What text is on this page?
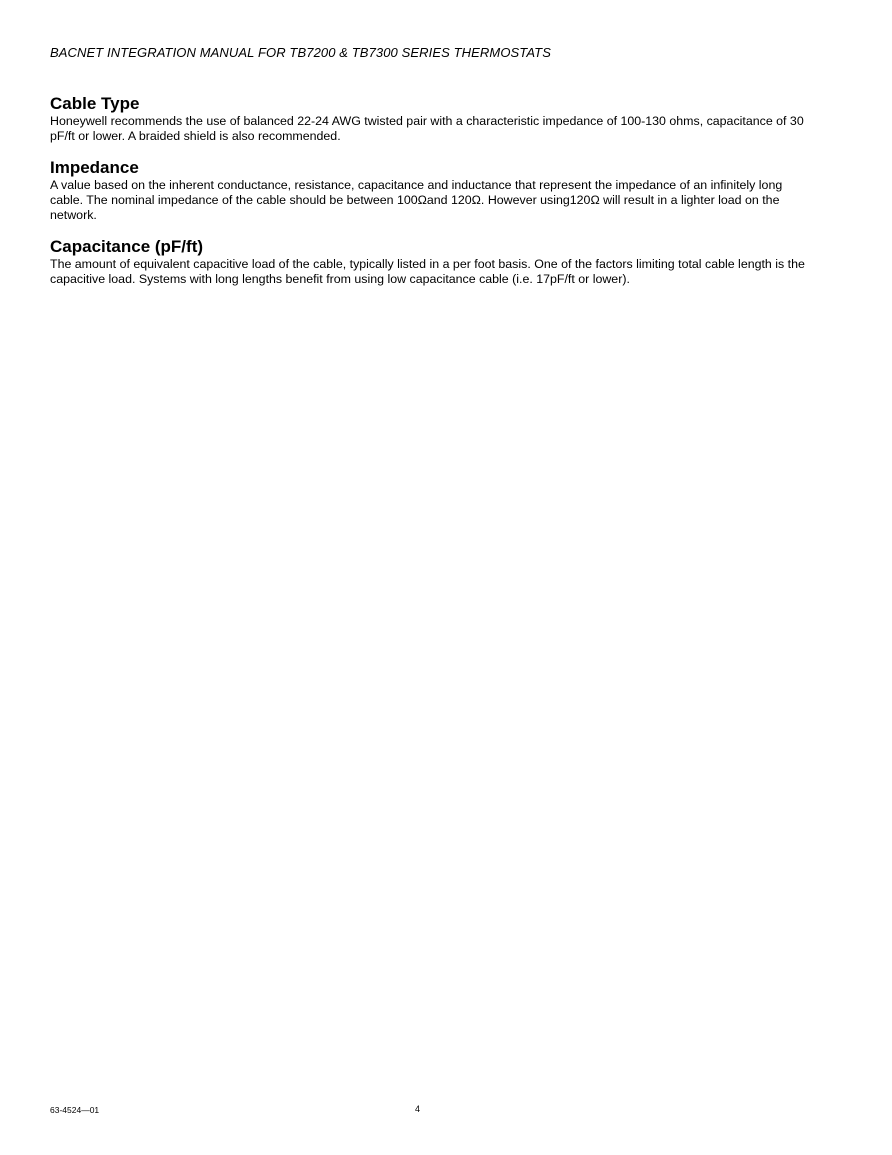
BACNET INTEGRATION MANUAL FOR TB7200 & TB7300 SERIES THERMOSTATS
Cable Type

Honeywell recommends the use of balanced 22-24 AWG twisted pair with a characteristic impedance of 100-130 ohms, capacitance of 30 pF/ft or lower. A braided shield is also recommended.

Impedance

A value based on the inherent conductance, resistance, capacitance and inductance that represent the impedance of an infinitely long cable. The nominal impedance of the cable should be between 100Ωand 120Ω. However using120Ω will result in a lighter load on the network.

Capacitance (pF/ft)

The amount of equivalent capacitive load of the cable, typically listed in a per foot basis. One of the factors limiting total cable length is the capacitive load. Systems with long lengths benefit from using low capacitance cable (i.e. 17pF/ft or lower).

63-4524—01	4
